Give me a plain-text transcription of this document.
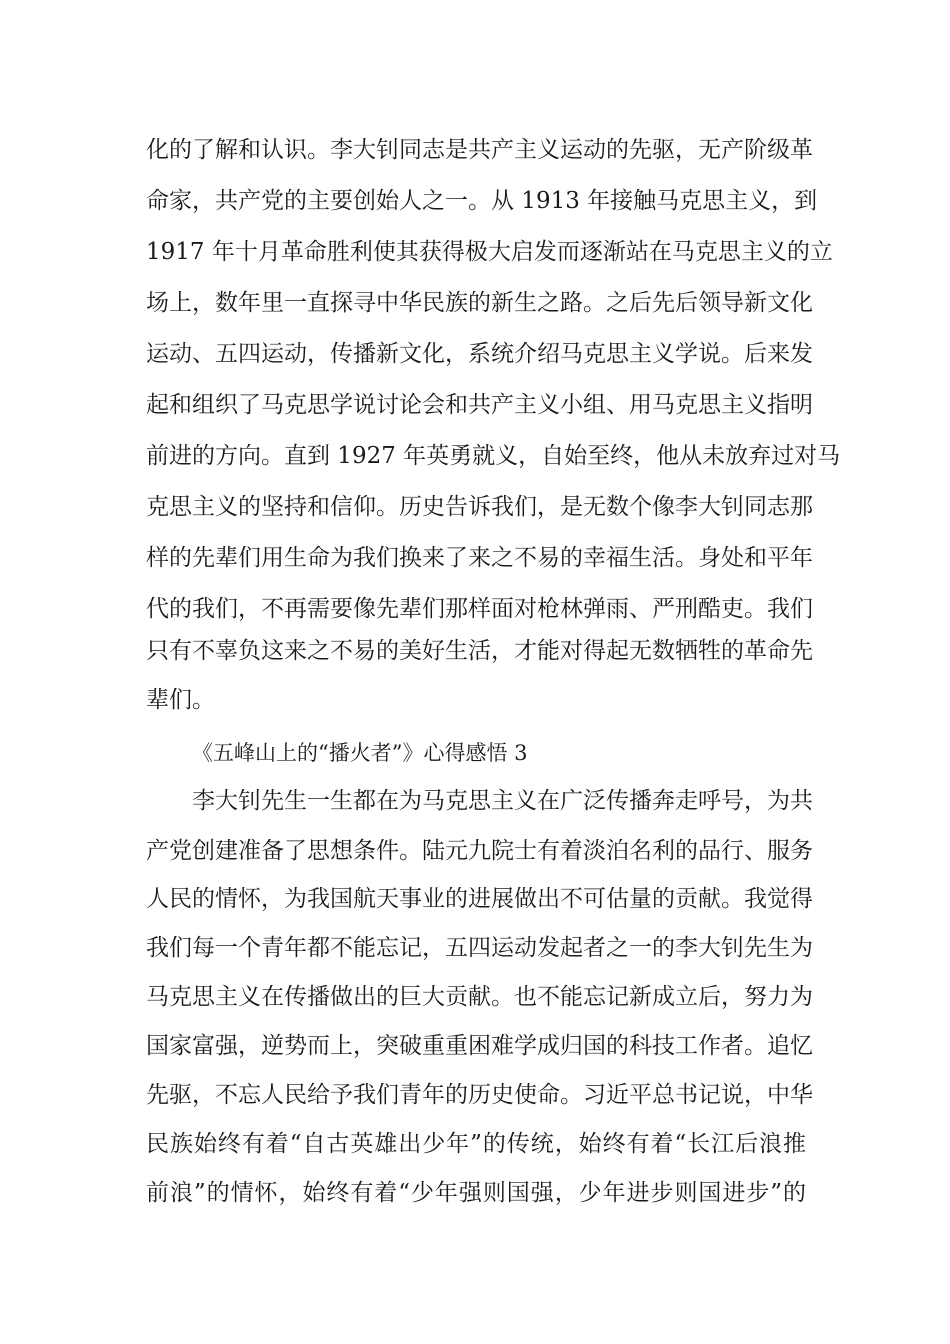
化的了解和认识。李大钊同志是共产主义运动的先驱，无产阶级革
命家，共产党的主要创始人之一。从 1913 年接触马克思主义，到
1917 年十月革命胜利使其获得极大启发而逐渐站在马克思主义的立
场上，数年里一直探寻中华民族的新生之路。之后先后领导新文化
运动、五四运动，传播新文化，系统介绍马克思主义学说。后来发
起和组织了马克思学说讨论会和共产主义小组、用马克思主义指明
前进的方向。直到 1927 年英勇就义，自始至终，他从未放弃过对马
克思主义的坚持和信仰。历史告诉我们，是无数个像李大钊同志那
样的先辈们用生命为我们换来了来之不易的幸福生活。身处和平年
代的我们，不再需要像先辈们那样面对枪林弹雨、严刑酷吏。我们
只有不辜负这来之不易的美好生活，才能对得起无数牺牲的革命先
辈们。
《五峰山上的“播火者”》心得感悟 3
李大钊先生一生都在为马克思主义在广泛传播奔走呼号，为共
产党创建准备了思想条件。陆元九院士有着淡泊名利的品行、服务
人民的情怀，为我国航天事业的进展做出不可估量的贡献。我觉得
我们每一个青年都不能忘记，五四运动发起者之一的李大钊先生为
马克思主义在传播做出的巨大贡献。也不能忘记新成立后，努力为
国家富强，逆势而上，突破重重困难学成归国的科技工作者。追忆
先驱，不忘人民给予我们青年的历史使命。习近平总书记说，中华
民族始终有着“自古英雄出少年”的传统，始终有着“长江后浪推
前浪”的情怀，始终有着“少年强则国强，少年进步则国进步”的
